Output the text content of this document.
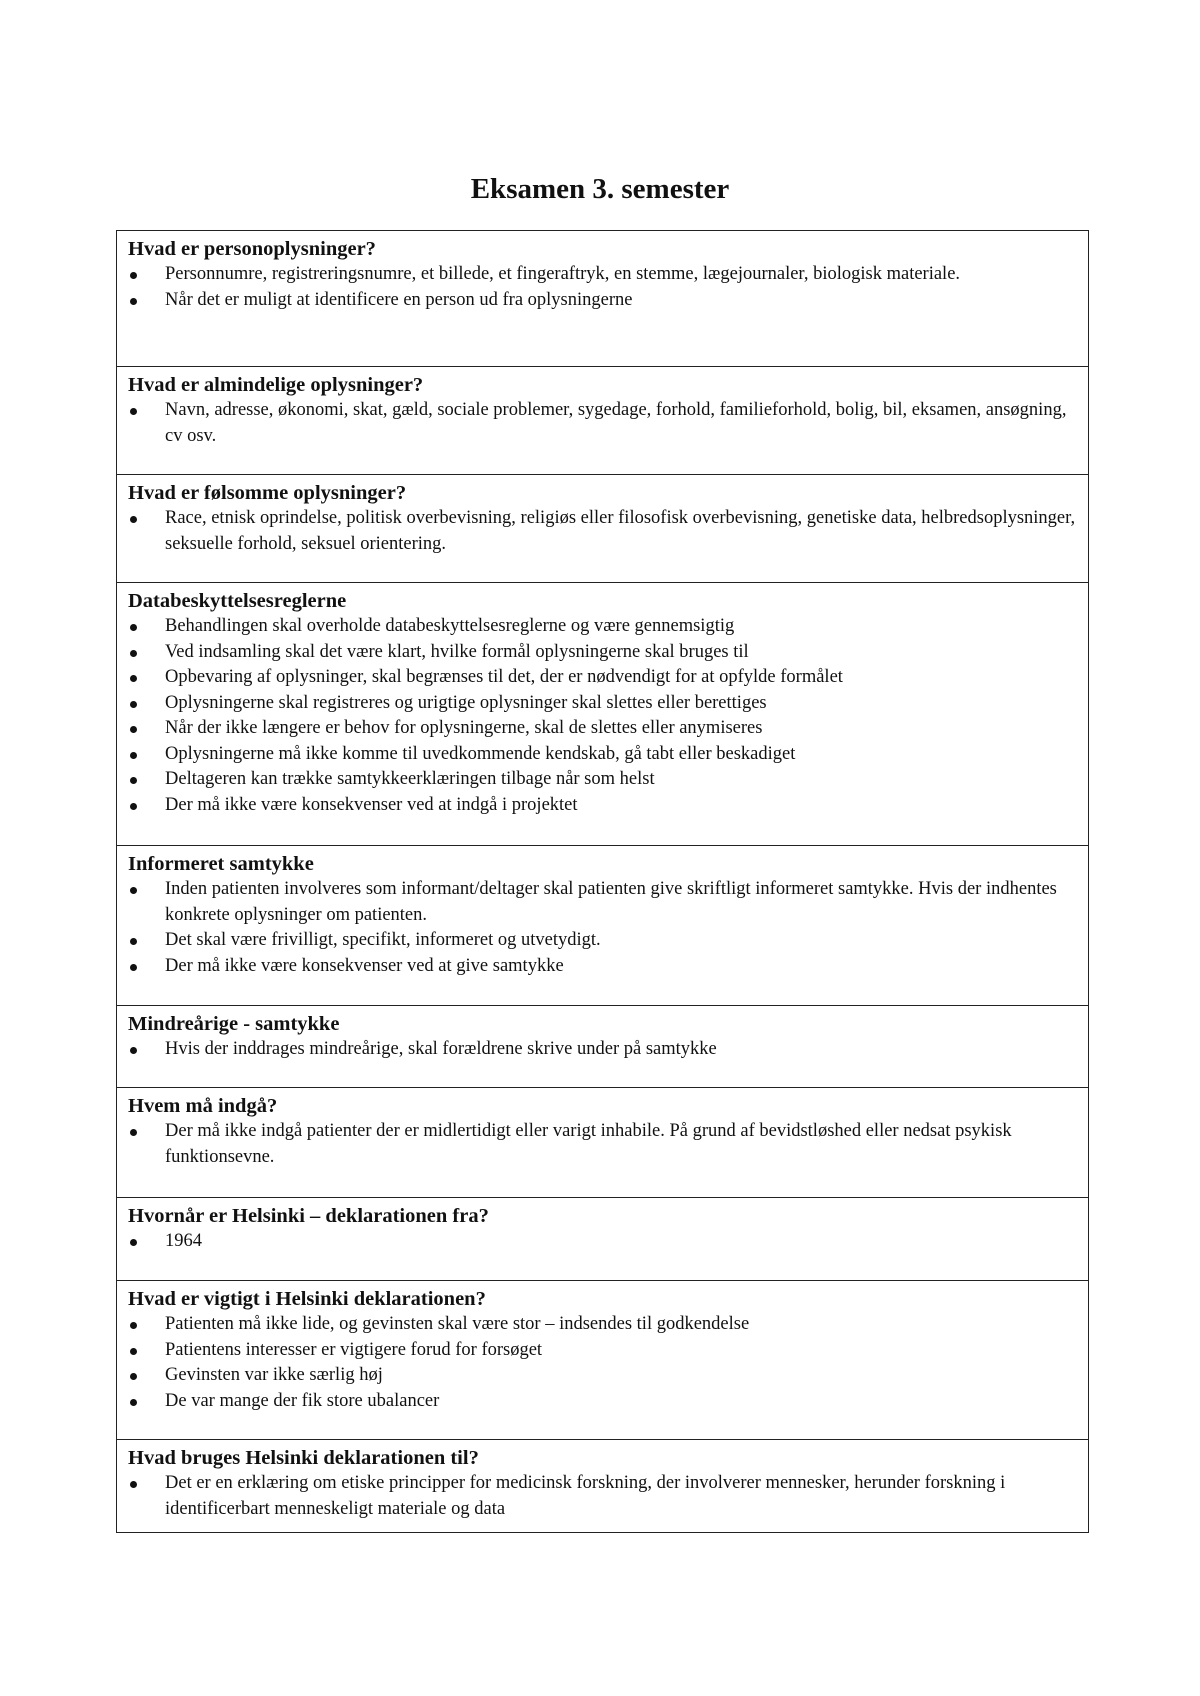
Eksamen 3. semester

Hvad er personoplysninger?

Personnumre, registreringsnumre, et billede, et fingeraftryk, en stemme, lægejournaler, biologisk materiale.
Når det er muligt at identificere en person ud fra oplysningerne

Hvad er almindelige oplysninger?

Navn, adresse, økonomi, skat, gæld, sociale problemer, sygedage, forhold, familieforhold, bolig, bil, eksamen, ansøgning, cv osv.

Hvad er følsomme oplysninger?

Race, etnisk oprindelse, politisk overbevisning, religiøs eller filosofisk overbevisning, genetiske data, helbredsoplysninger, seksuelle forhold, seksuel orientering.

Databeskyttelsesreglerne

Behandlingen skal overholde databeskyttelsesreglerne og være gennemsigtig
Ved indsamling skal det være klart, hvilke formål oplysningerne skal bruges til
Opbevaring af oplysninger, skal begrænses til det, der er nødvendigt for at opfylde formålet
Oplysningerne skal registreres og urigtige oplysninger skal slettes eller berettiges
Når der ikke længere er behov for oplysningerne, skal de slettes eller anymiseres
Oplysningerne må ikke komme til uvedkommende kendskab, gå tabt eller beskadiget
Deltageren kan trække samtykkeerklæringen tilbage når som helst
Der må ikke være konsekvenser ved at indgå i projektet

Informeret samtykke

Inden patienten involveres som informant/deltager skal patienten give skriftligt informeret samtykke. Hvis der indhentes konkrete oplysninger om patienten.
Det skal være frivilligt, specifikt, informeret og utvetydigt.
Der må ikke være konsekvenser ved at give samtykke

Mindreårige - samtykke

Hvis der inddrages mindreårige, skal forældrene skrive under på samtykke

Hvem må indgå?

Der må ikke indgå patienter der er midlertidigt eller varigt inhabile. På grund af bevidstløshed eller nedsat psykisk funktionsevne.

Hvornår er Helsinki – deklarationen fra?

1964

Hvad er vigtigt i Helsinki deklarationen?

Patienten må ikke lide, og gevinsten skal være stor – indsendes til godkendelse
Patientens interesser er vigtigere forud for forsøget
Gevinsten var ikke særlig høj
De var mange der fik store ubalancer

Hvad bruges Helsinki deklarationen til?

Det er en erklæring om etiske principper for medicinsk forskning, der involverer mennesker, herunder forskning i identificerbart menneskeligt materiale og data
